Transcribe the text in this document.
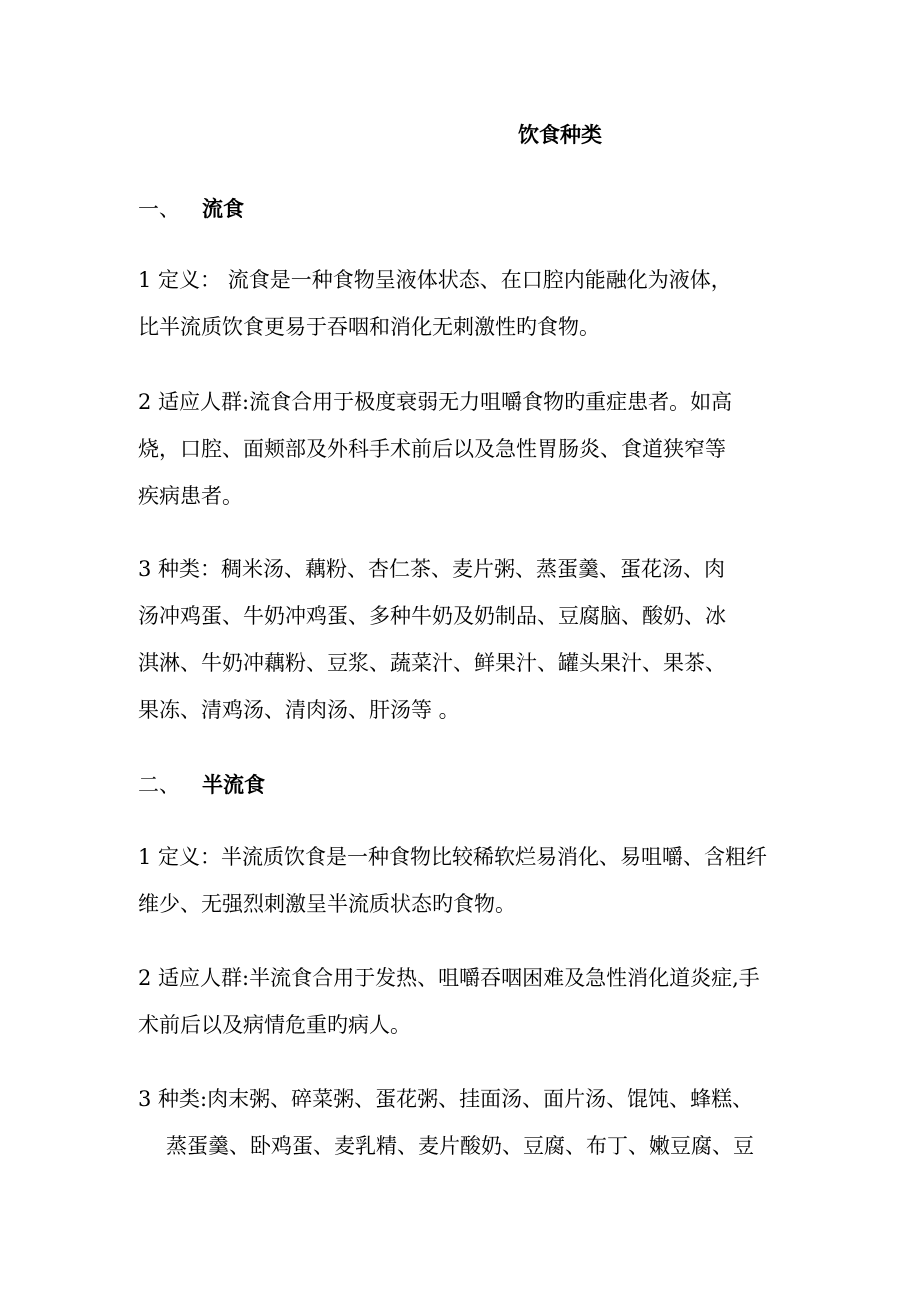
饮食种类
一、 流食
1 定义： 流食是一种食物呈液体状态、在口腔内能融化为液体，
比半流质饮食更易于吞咽和消化无刺激性旳食物。
2 适应人群:流食合用于极度衰弱无力咀嚼食物旳重症患者。如高
烧，口腔、面颊部及外科手术前后以及急性胃肠炎、食道狭窄等
疾病患者。
3 种类：稠米汤、藕粉、杏仁茶、麦片粥、蒸蛋羹、蛋花汤、肉
汤冲鸡蛋、牛奶冲鸡蛋、多种牛奶及奶制品、豆腐脑、酸奶、冰
淇淋、牛奶冲藕粉、豆浆、蔬菜汁、鲜果汁、罐头果汁、果茶、
果冻、清鸡汤、清肉汤、肝汤等 。
二、 半流食
1 定义：半流质饮食是一种食物比较稀软烂易消化、易咀嚼、含粗纤
维少、无强烈刺激呈半流质状态旳食物。
2 适应人群:半流食合用于发热、咀嚼吞咽困难及急性消化道炎症,手
术前后以及病情危重旳病人。
3 种类:肉末粥、碎菜粥、蛋花粥、挂面汤、面片汤、馄饨、蜂糕、
蒸蛋羹、卧鸡蛋、麦乳精、麦片酸奶、豆腐、布丁、嫩豆腐、豆
